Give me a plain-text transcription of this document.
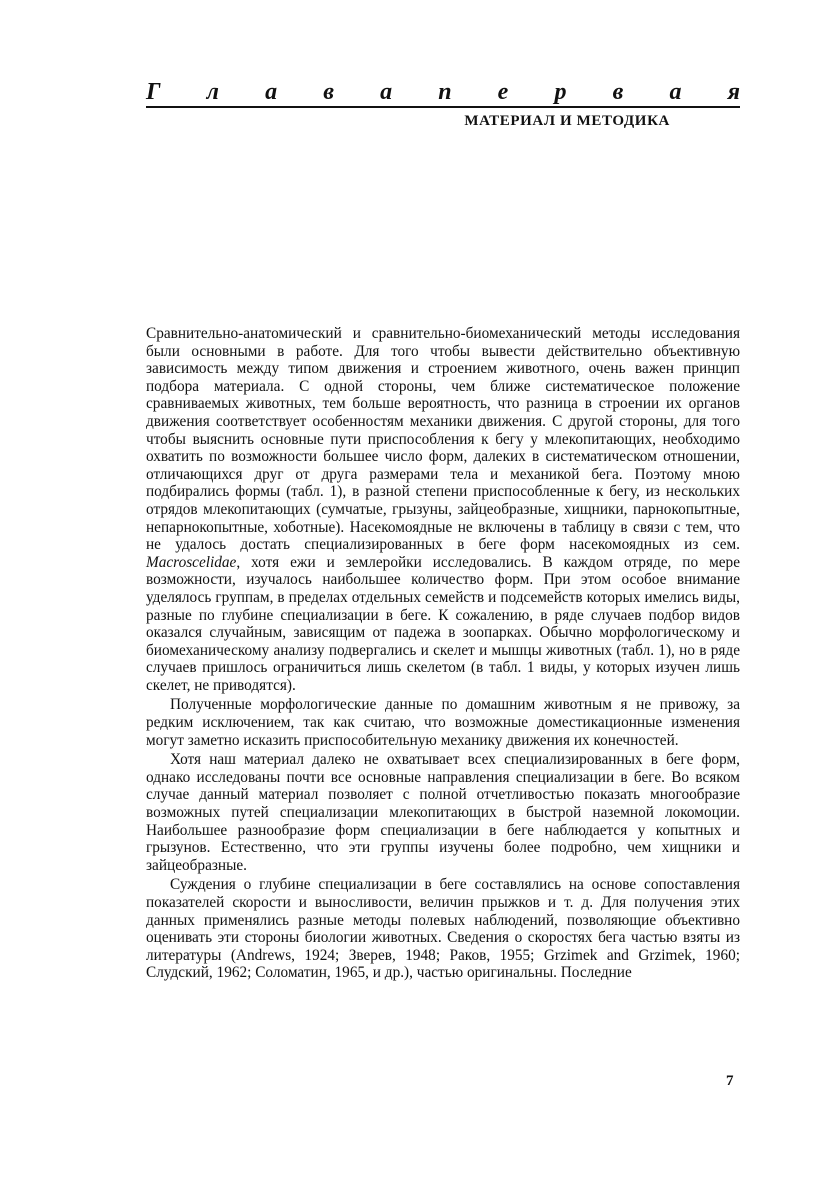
Г л а в а п е р в а я
МАТЕРИАЛ И МЕТОДИКА

Сравнительно-анатомический и сравнительно-биомеханический методы исследования были основными в работе. Для того чтобы вывести действительно объективную зависимость между типом движения и строением животного, очень важен принцип подбора материала. С одной стороны, чем ближе систематическое положение сравниваемых животных, тем больше вероятность, что разница в строении их органов движения соответствует особенностям механики движения. С другой стороны, для того чтобы выяснить основные пути приспособления к бегу у млекопитающих, необходимо охватить по возможности большее число форм, далеких в систематическом отношении, отличающихся друг от друга размерами тела и механикой бега. Поэтому мною подбирались формы (табл. 1), в разной степени приспособленные к бегу, из нескольких отрядов млекопитающих (сумчатые, грызуны, зайцеобразные, хищники, парнокопытные, непарнокопытные, хоботные). Насекомоядные не включены в таблицу в связи с тем, что не удалось достать специализированных в беге форм насекомоядных из сем. Macroscelidae, хотя ежи и землеройки исследовались. В каждом отряде, по мере возможности, изучалось наибольшее количество форм. При этом особое внимание уделялось группам, в пределах отдельных семейств и подсемейств которых имелись виды, разные по глубине специализации в беге. К сожалению, в ряде случаев подбор видов оказался случайным, зависящим от падежа в зоопарках. Обычно морфологическому и биомеханическому анализу подвергались и скелет и мышцы животных (табл. 1), но в ряде случаев пришлось ограничиться лишь скелетом (в табл. 1 виды, у которых изучен лишь скелет, не приводятся).

Полученные морфологические данные по домашним животным я не привожу, за редким исключением, так как считаю, что возможные доместикационные изменения могут заметно исказить приспособительную механику движения их конечностей.

Хотя наш материал далеко не охватывает всех специализированных в беге форм, однако исследованы почти все основные направления специализации в беге. Во всяком случае данный материал позволяет с полной отчетливостью показать многообразие возможных путей специализации млекопитающих в быстрой наземной локомоции. Наибольшее разнообразие форм специализации в беге наблюдается у копытных и грызунов. Естественно, что эти группы изучены более подробно, чем хищники и зайцеобразные.

Суждения о глубине специализации в беге составлялись на основе сопоставления показателей скорости и выносливости, величин прыжков и т. д. Для получения этих данных применялись разные методы полевых наблюдений, позволяющие объективно оценивать эти стороны биологии животных. Сведения о скоростях бега частью взяты из литературы (Andrews, 1924; Зверев, 1948; Раков, 1955; Grzimek and Grzimek, 1960; Слудский, 1962; Соломатин, 1965, и др.), частью оригинальны. Последние

7
